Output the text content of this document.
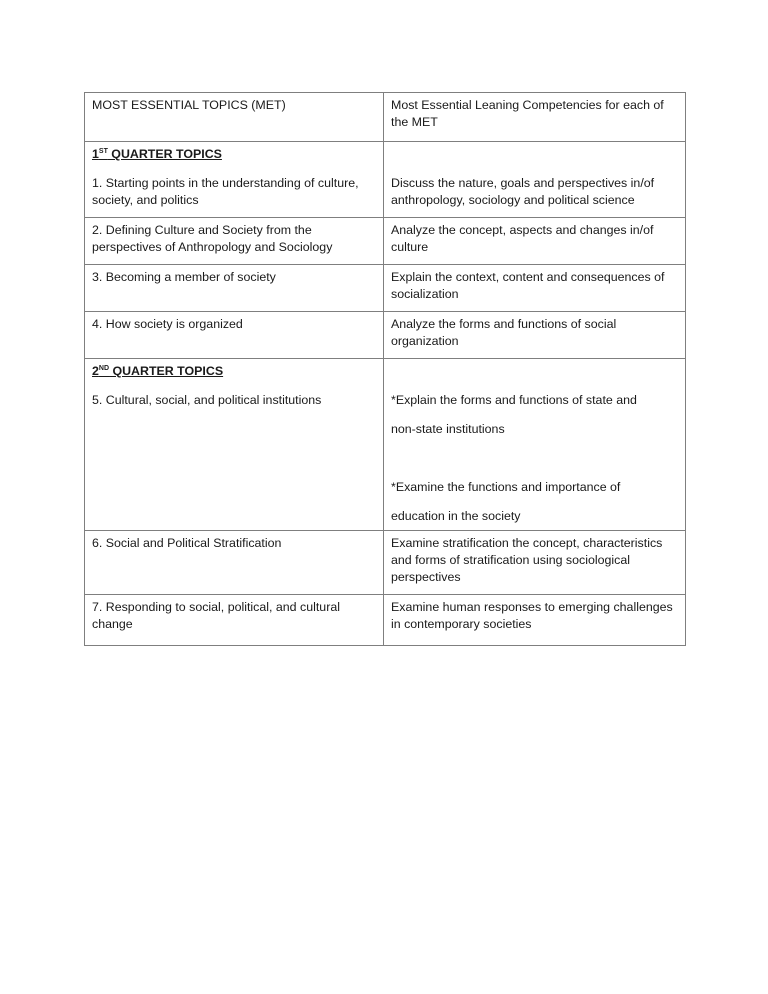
MOST ESSENTIAL TOPICS (MET)	Most Essential Leaning Competencies for each of the MET

1ST QUARTER TOPICS
1. Starting points in the understanding of culture, society, and politics	Discuss the nature, goals and perspectives in/of anthropology, sociology and political science
2. Defining Culture and Society from the perspectives of Anthropology and Sociology	Analyze the concept, aspects and changes in/of culture
3. Becoming a member of society	Explain the context, content and consequences of socialization
4. How society is organized	Analyze the forms and functions of social organization

2ND QUARTER TOPICS
5. Cultural, social, and political institutions	*Explain the forms and functions of state and
non-state institutions
*Examine the functions and importance of
education in the society
6. Social and Political Stratification	Examine stratification the concept, characteristics and forms of stratification using sociological perspectives
7. Responding to social, political, and cultural change	Examine human responses to emerging challenges in contemporary societies
